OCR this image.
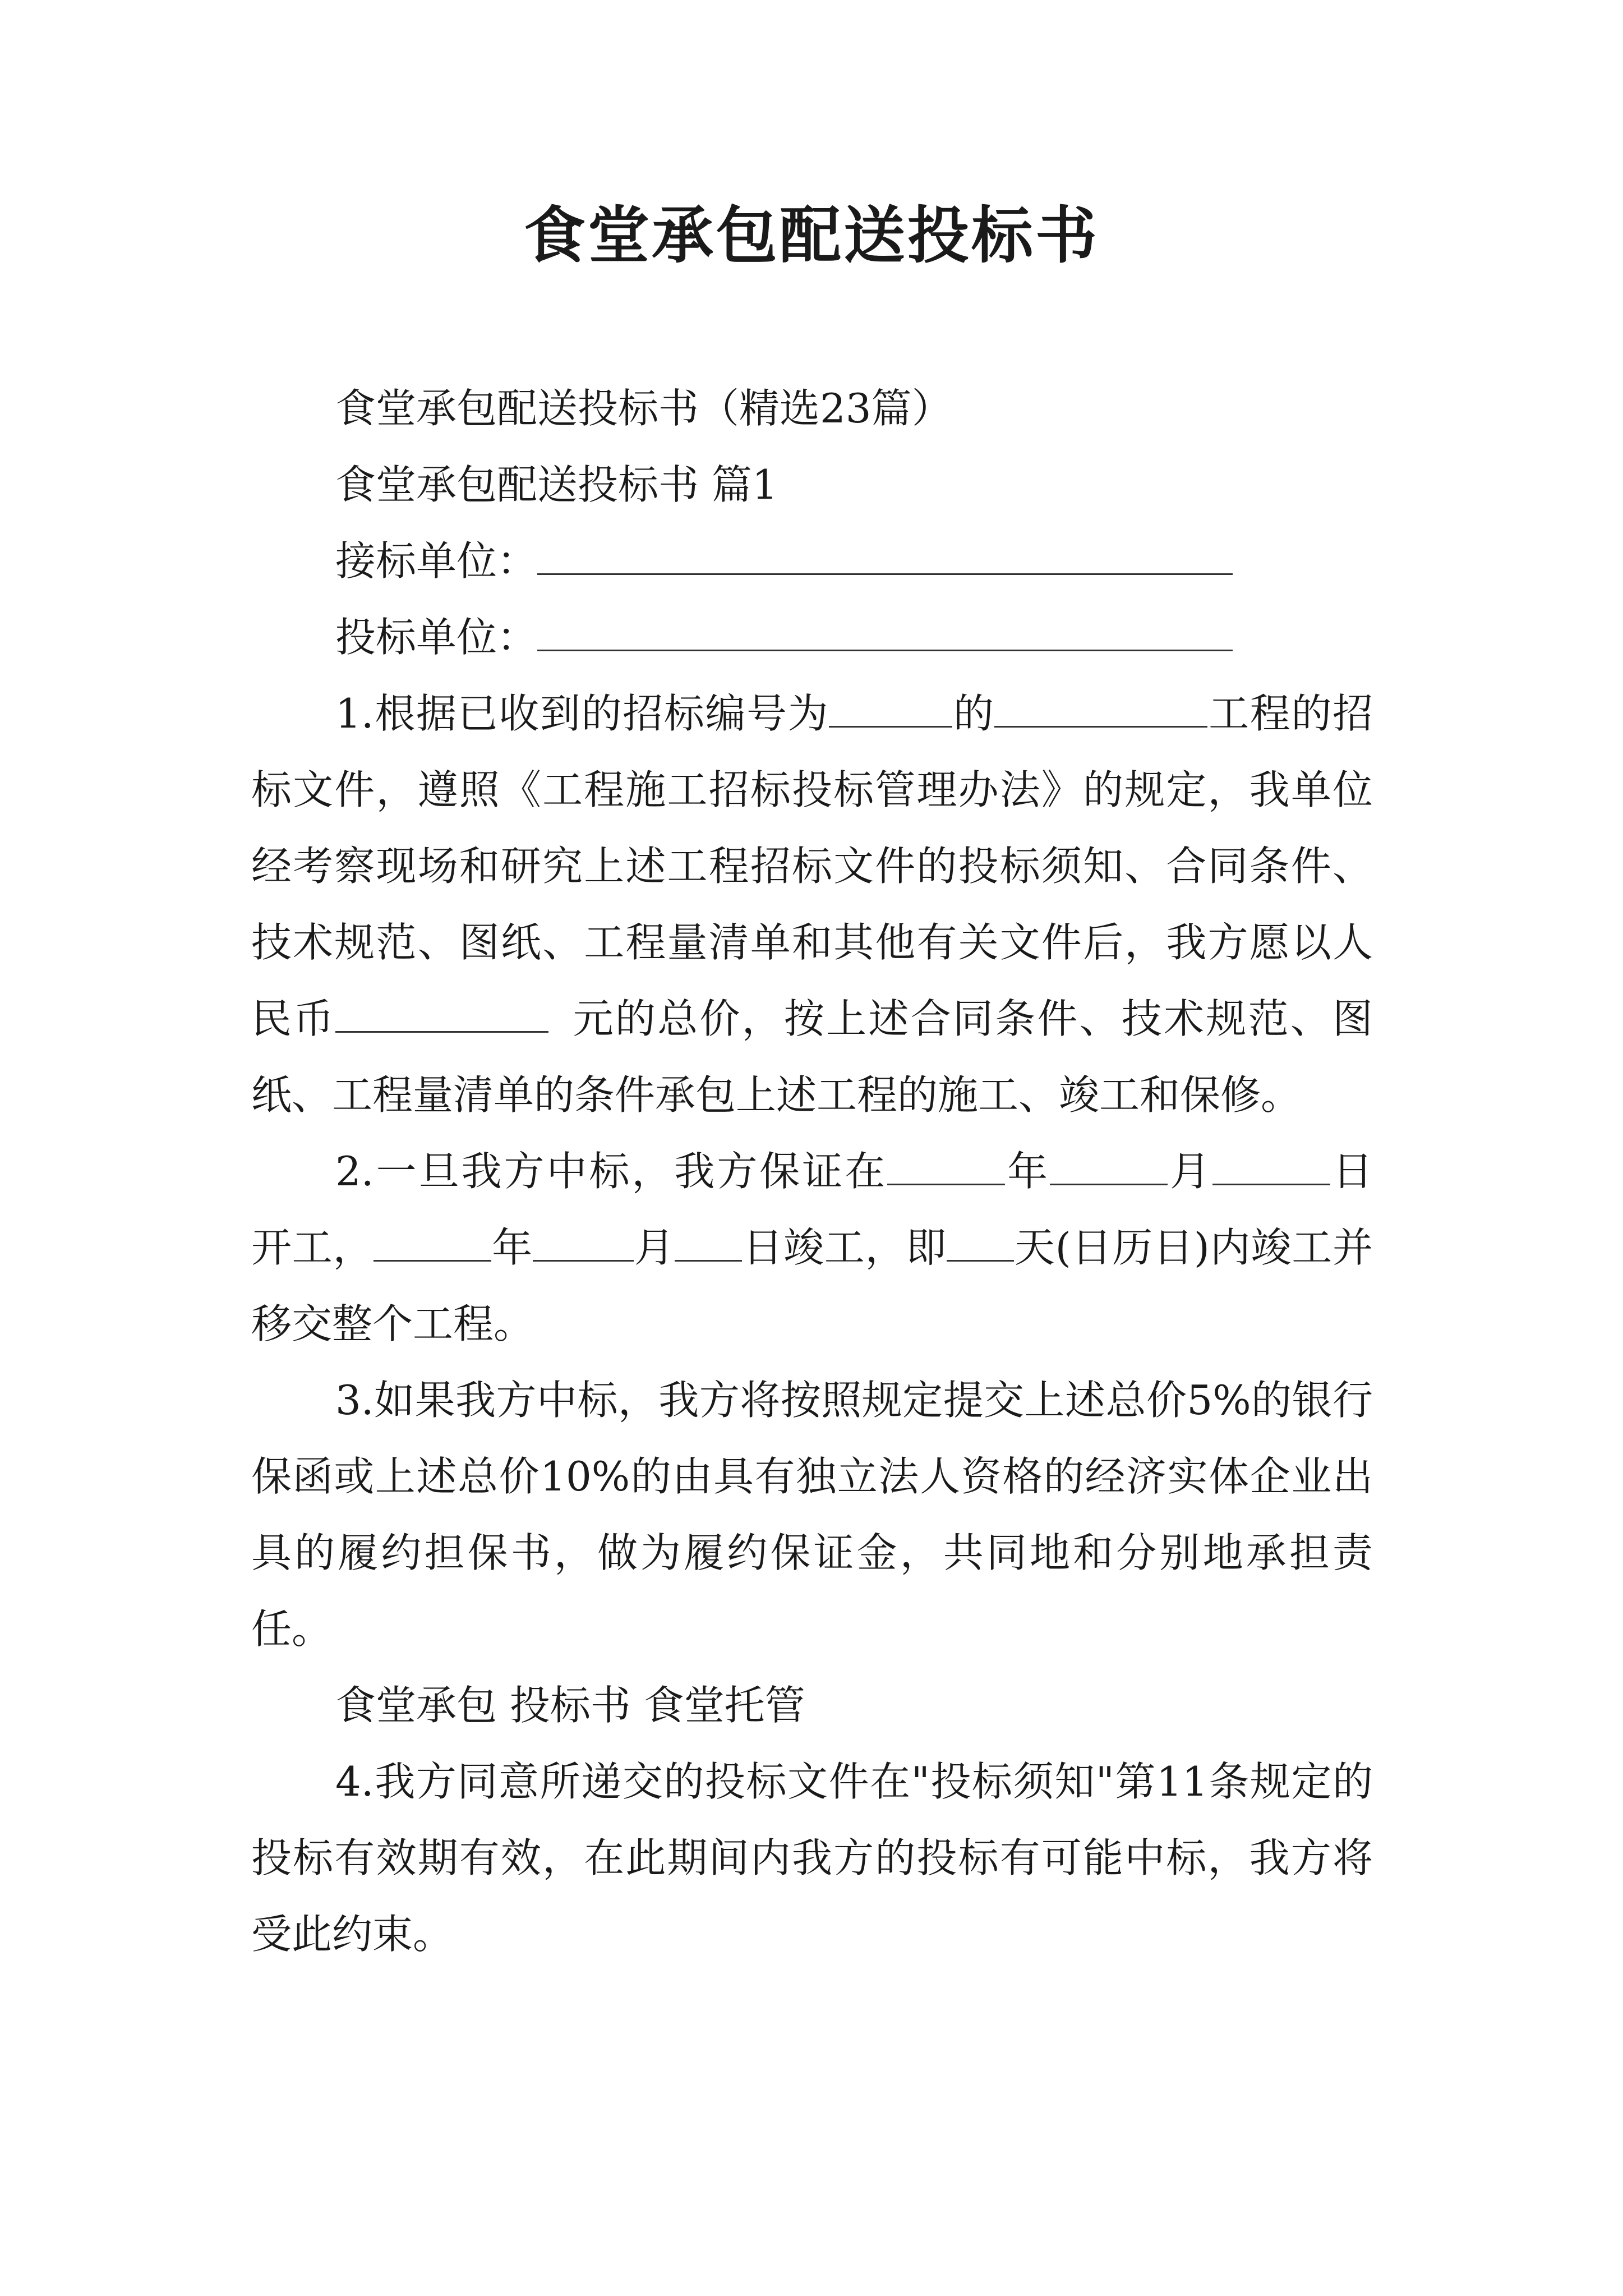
食堂承包配送投标书

食堂承包配送投标书（精选23篇）

食堂承包配送投标书 篇1

接标单位：

投标单位：

1.根据已收到的招标编号为	的	工程的招标文件，遵照《工程施工招标投标管理办法》的规定，我单位经考察现场和研究上述工程招标文件的投标须知、合同条件、技术规范、图纸、工程量清单和其他有关文件后，我方愿以人民币	元的总价，按上述合同条件、技术规范、图纸、工程量清单的条件承包上述工程的施工、竣工和保修。

2.一旦我方中标，我方保证在	年	月	日开工，	年	月 日竣工，即 天(日历日)内竣工并移交整个工程。

3.如果我方中标，我方将按照规定提交上述总价5%的银行保函或上述总价10%的由具有独立法人资格的经济实体企业出具的履约担保书，做为履约保证金，共同地和分别地承担责任。

食堂承包 投标书 食堂托管

4.我方同意所递交的投标文件在"投标须知"第11条规定的投标有效期有效，在此期间内我方的投标有可能中标，我方将受此约束。
